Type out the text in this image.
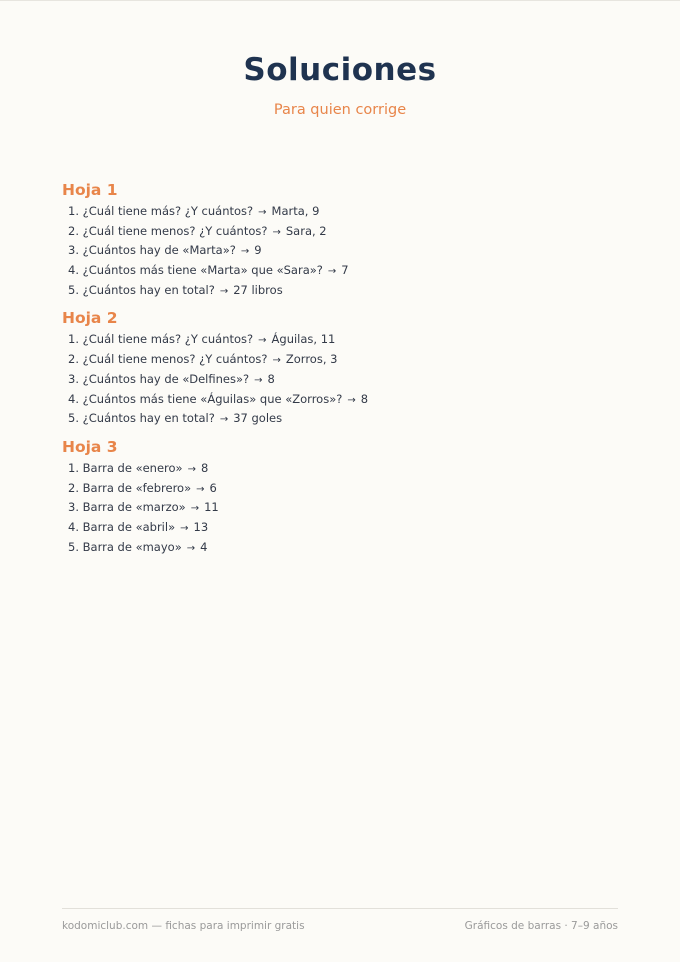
Soluciones
Para quien corrige
Hoja 1
1. ¿Cuál tiene más? ¿Y cuántos? → Marta, 9
2. ¿Cuál tiene menos? ¿Y cuántos? → Sara, 2
3. ¿Cuántos hay de «Marta»? → 9
4. ¿Cuántos más tiene «Marta» que «Sara»? → 7
5. ¿Cuántos hay en total? → 27 libros
Hoja 2
1. ¿Cuál tiene más? ¿Y cuántos? → Águilas, 11
2. ¿Cuál tiene menos? ¿Y cuántos? → Zorros, 3
3. ¿Cuántos hay de «Delfines»? → 8
4. ¿Cuántos más tiene «Águilas» que «Zorros»? → 8
5. ¿Cuántos hay en total? → 37 goles
Hoja 3
1. Barra de «enero» → 8
2. Barra de «febrero» → 6
3. Barra de «marzo» → 11
4. Barra de «abril» → 13
5. Barra de «mayo» → 4
kodomiclub.com — fichas para imprimir gratis	Gráficos de barras · 7–9 años
